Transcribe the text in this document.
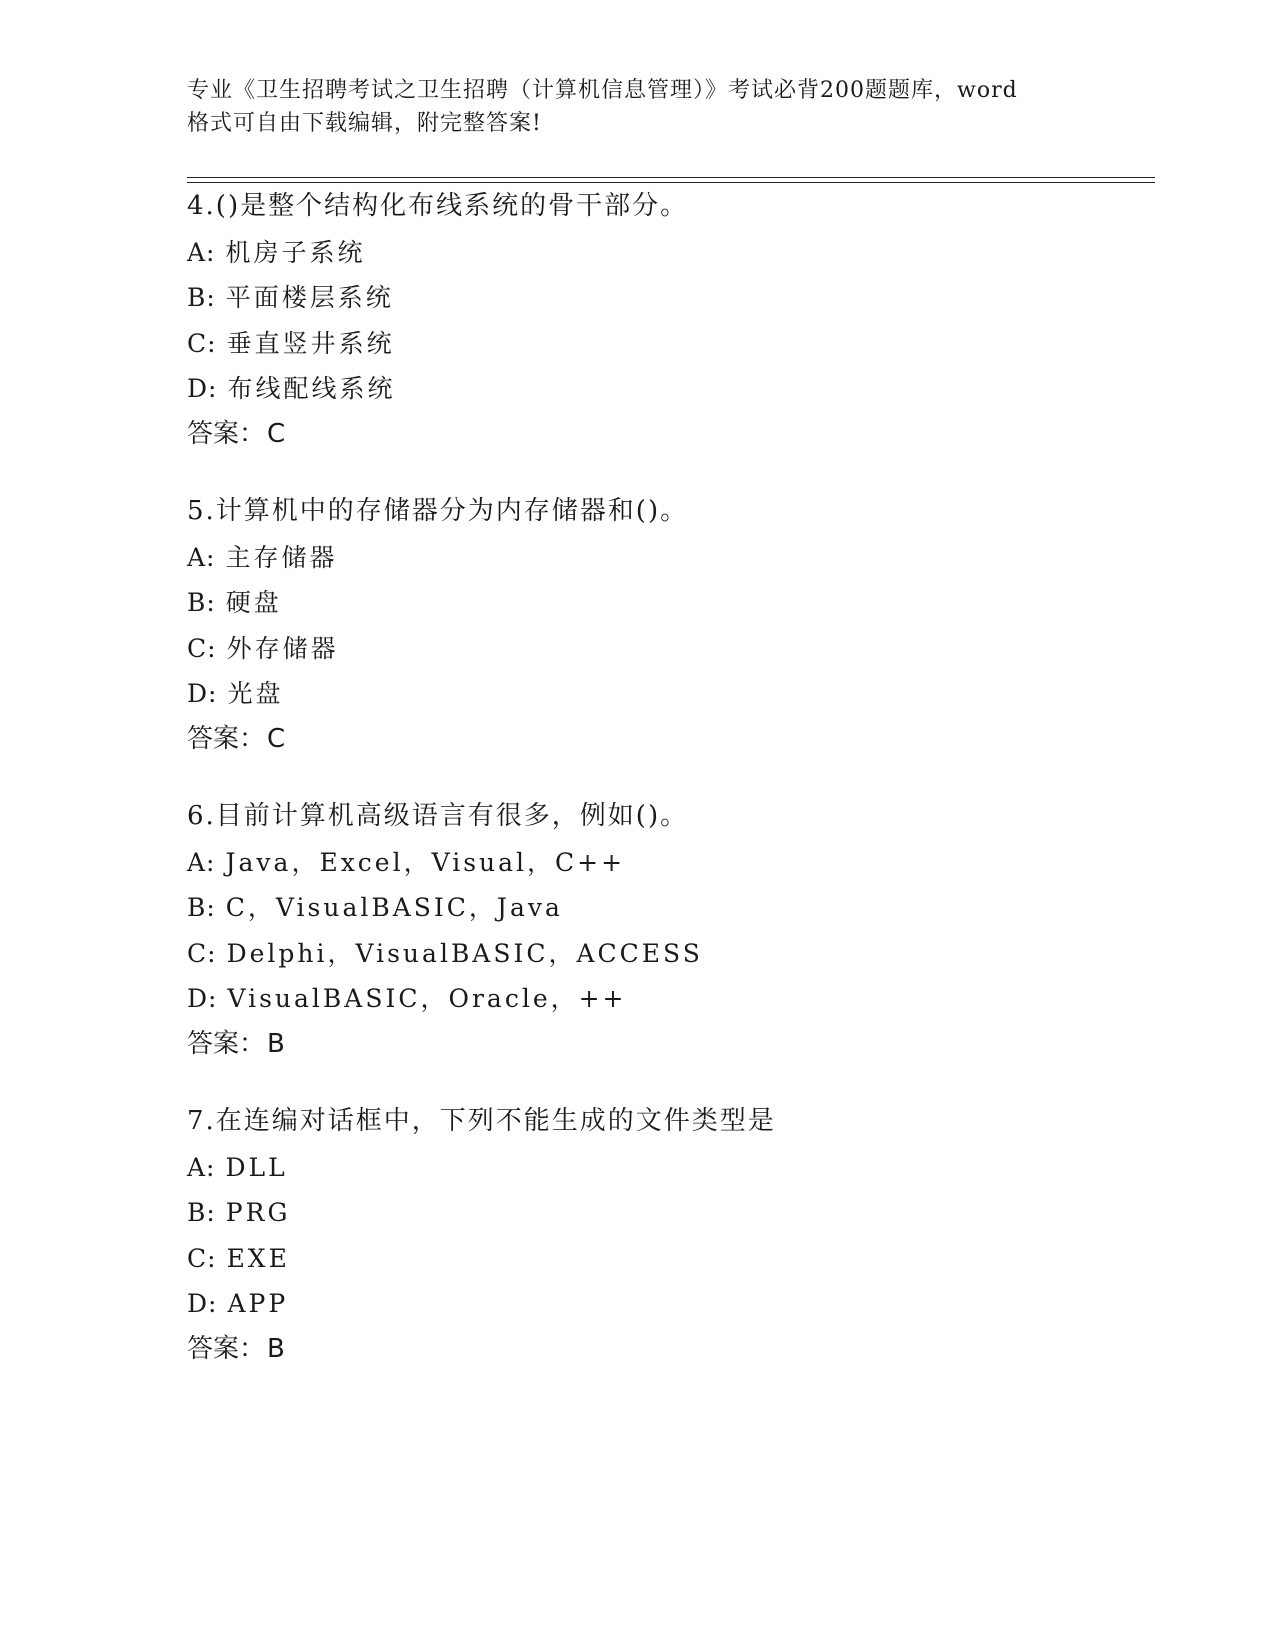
专业《卫生招聘考试之卫生招聘（计算机信息管理）》考试必背200题题库，word
格式可自由下载编辑，附完整答案!
4.()是整个结构化布线系统的骨干部分。
A: 机房子系统
B: 平面楼层系统
C: 垂直竖井系统
D: 布线配线系统
答案：C
5.计算机中的存储器分为内存储器和()。
A: 主存储器
B: 硬盘
C: 外存储器
D: 光盘
答案：C
6.目前计算机高级语言有很多，例如()。
A: Java，Excel，Visual，C++
B: C，VisualBASIC，Java
C: Delphi，VisualBASIC，ACCESS
D: VisualBASIC，Oracle，++
答案：B
7.在连编对话框中，下列不能生成的文件类型是
A: DLL
B: PRG
C: EXE
D: APP
答案：B
